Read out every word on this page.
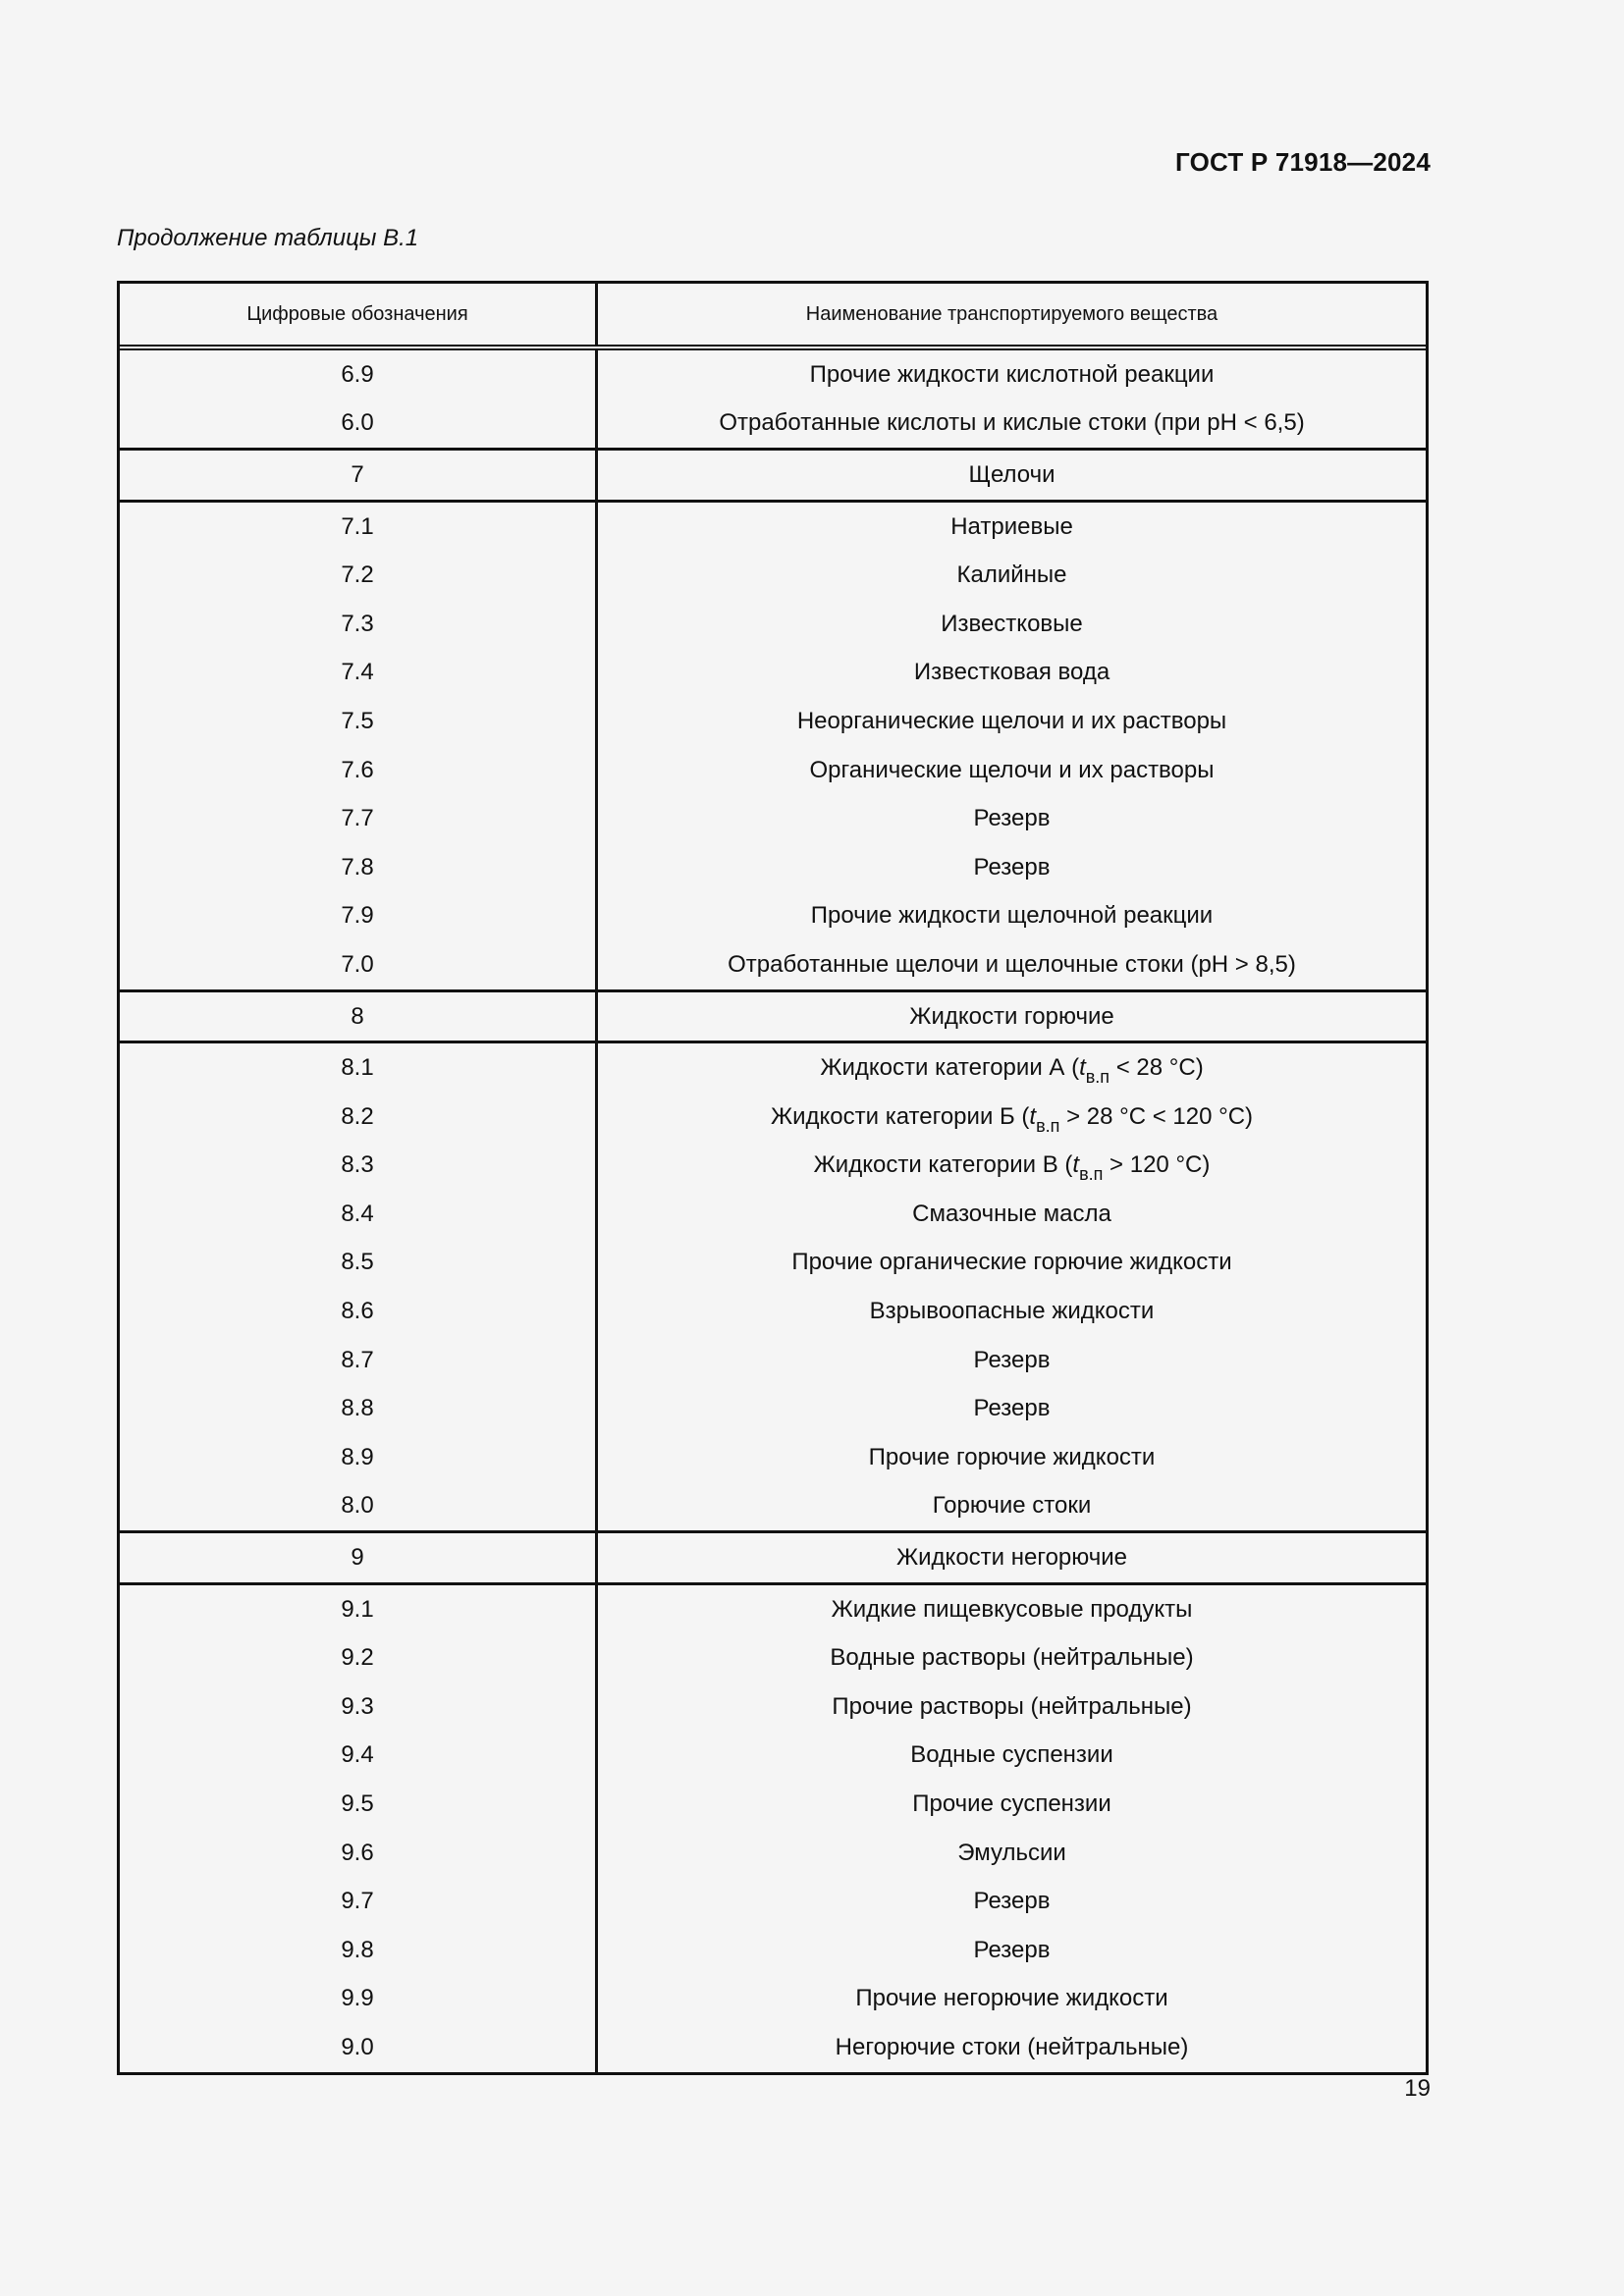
ГОСТ Р 71918—2024
Продолжение таблицы В.1
Цифровые обозначения	Наименование транспортируемого вещества
6.9	Прочие жидкости кислотной реакции
6.0	Отработанные кислоты и кислые стоки (при pH < 6,5)
7	Щелочи
7.1	Натриевые
7.2	Калийные
7.3	Известковые
7.4	Известковая вода
7.5	Неорганические щелочи и их растворы
7.6	Органические щелочи и их растворы
7.7	Резерв
7.8	Резерв
7.9	Прочие жидкости щелочной реакции
7.0	Отработанные щелочи и щелочные стоки (pH > 8,5)
8	Жидкости горючие
8.1	Жидкости категории А ($t_{в.п} < 28$ °C)
8.2	Жидкости категории Б ($t_{в.п} > 28$ °C < 120 °C)
8.3	Жидкости категории В ($t_{в.п} > 120$ °C)
8.4	Смазочные масла
8.5	Прочие органические горючие жидкости
8.6	Взрывоопасные жидкости
8.7	Резерв
8.8	Резерв
8.9	Прочие горючие жидкости
8.0	Горючие стоки
9	Жидкости негорючие
9.1	Жидкие пищевкусовые продукты
9.2	Водные растворы (нейтральные)
9.3	Прочие растворы (нейтральные)
9.4	Водные суспензии
9.5	Прочие суспензии
9.6	Эмульсии
9.7	Резерв
9.8	Резерв
9.9	Прочие негорючие жидкости
9.0	Негорючие стоки (нейтральные)
19
